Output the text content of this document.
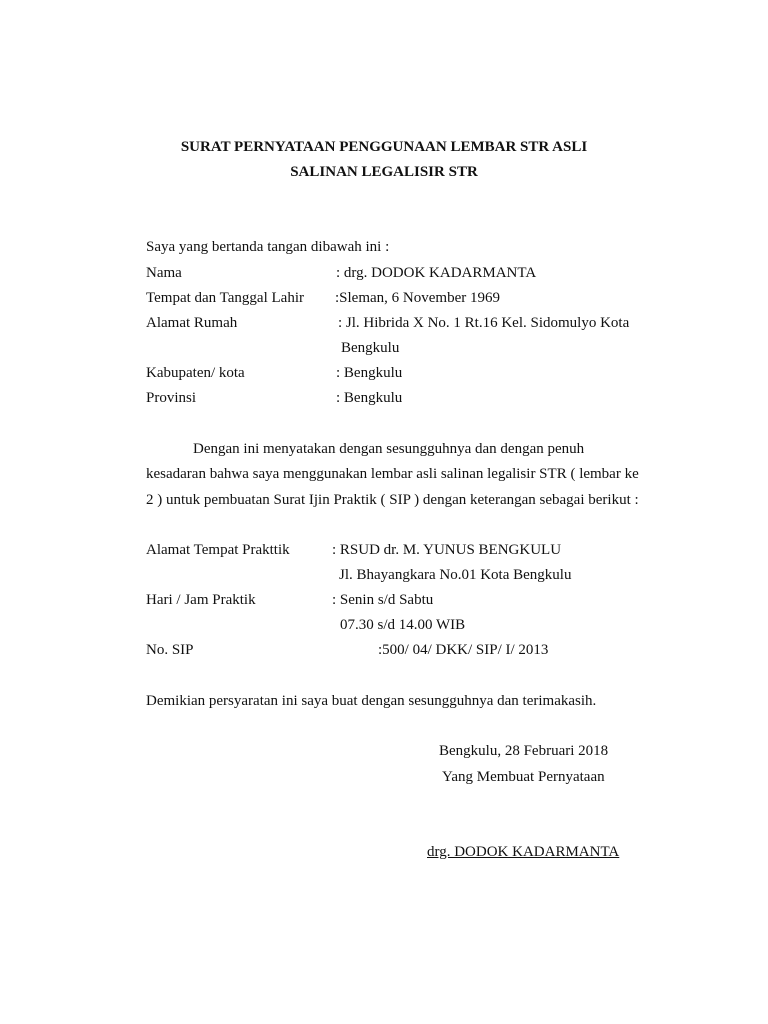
SURAT PERNYATAAN PENGGUNAAN LEMBAR STR ASLI
SALINAN LEGALISIR STR
Saya yang bertanda tangan dibawah ini :
Nama	: drg. DODOK KADARMANTA
Tempat dan Tanggal Lahir :Sleman, 6 November 1969
Alamat Rumah	: Jl. Hibrida X No. 1 Rt.16 Kel. Sidomulyo Kota
Bengkulu
Kabupaten/ kota	: Bengkulu
Provinsi	: Bengkulu
Dengan ini menyatakan dengan sesungguhnya dan dengan penuh
kesadaran bahwa saya menggunakan lembar asli salinan legalisir STR ( lembar ke
2 ) untuk pembuatan Surat Ijin Praktik ( SIP ) dengan keterangan sebagai berikut :
Alamat Tempat Prakttik	: RSUD dr. M. YUNUS BENGKULU
Jl. Bhayangkara No.01 Kota Bengkulu
Hari / Jam Praktik	: Senin s/d Sabtu
07.30 s/d 14.00 WIB
No. SIP	:500/ 04/ DKK/ SIP/ I/ 2013
Demikian persyaratan ini saya buat dengan sesungguhnya dan terimakasih.
Bengkulu, 28 Februari 2018
Yang Membuat Pernyataan
drg. DODOK KADARMANTA
